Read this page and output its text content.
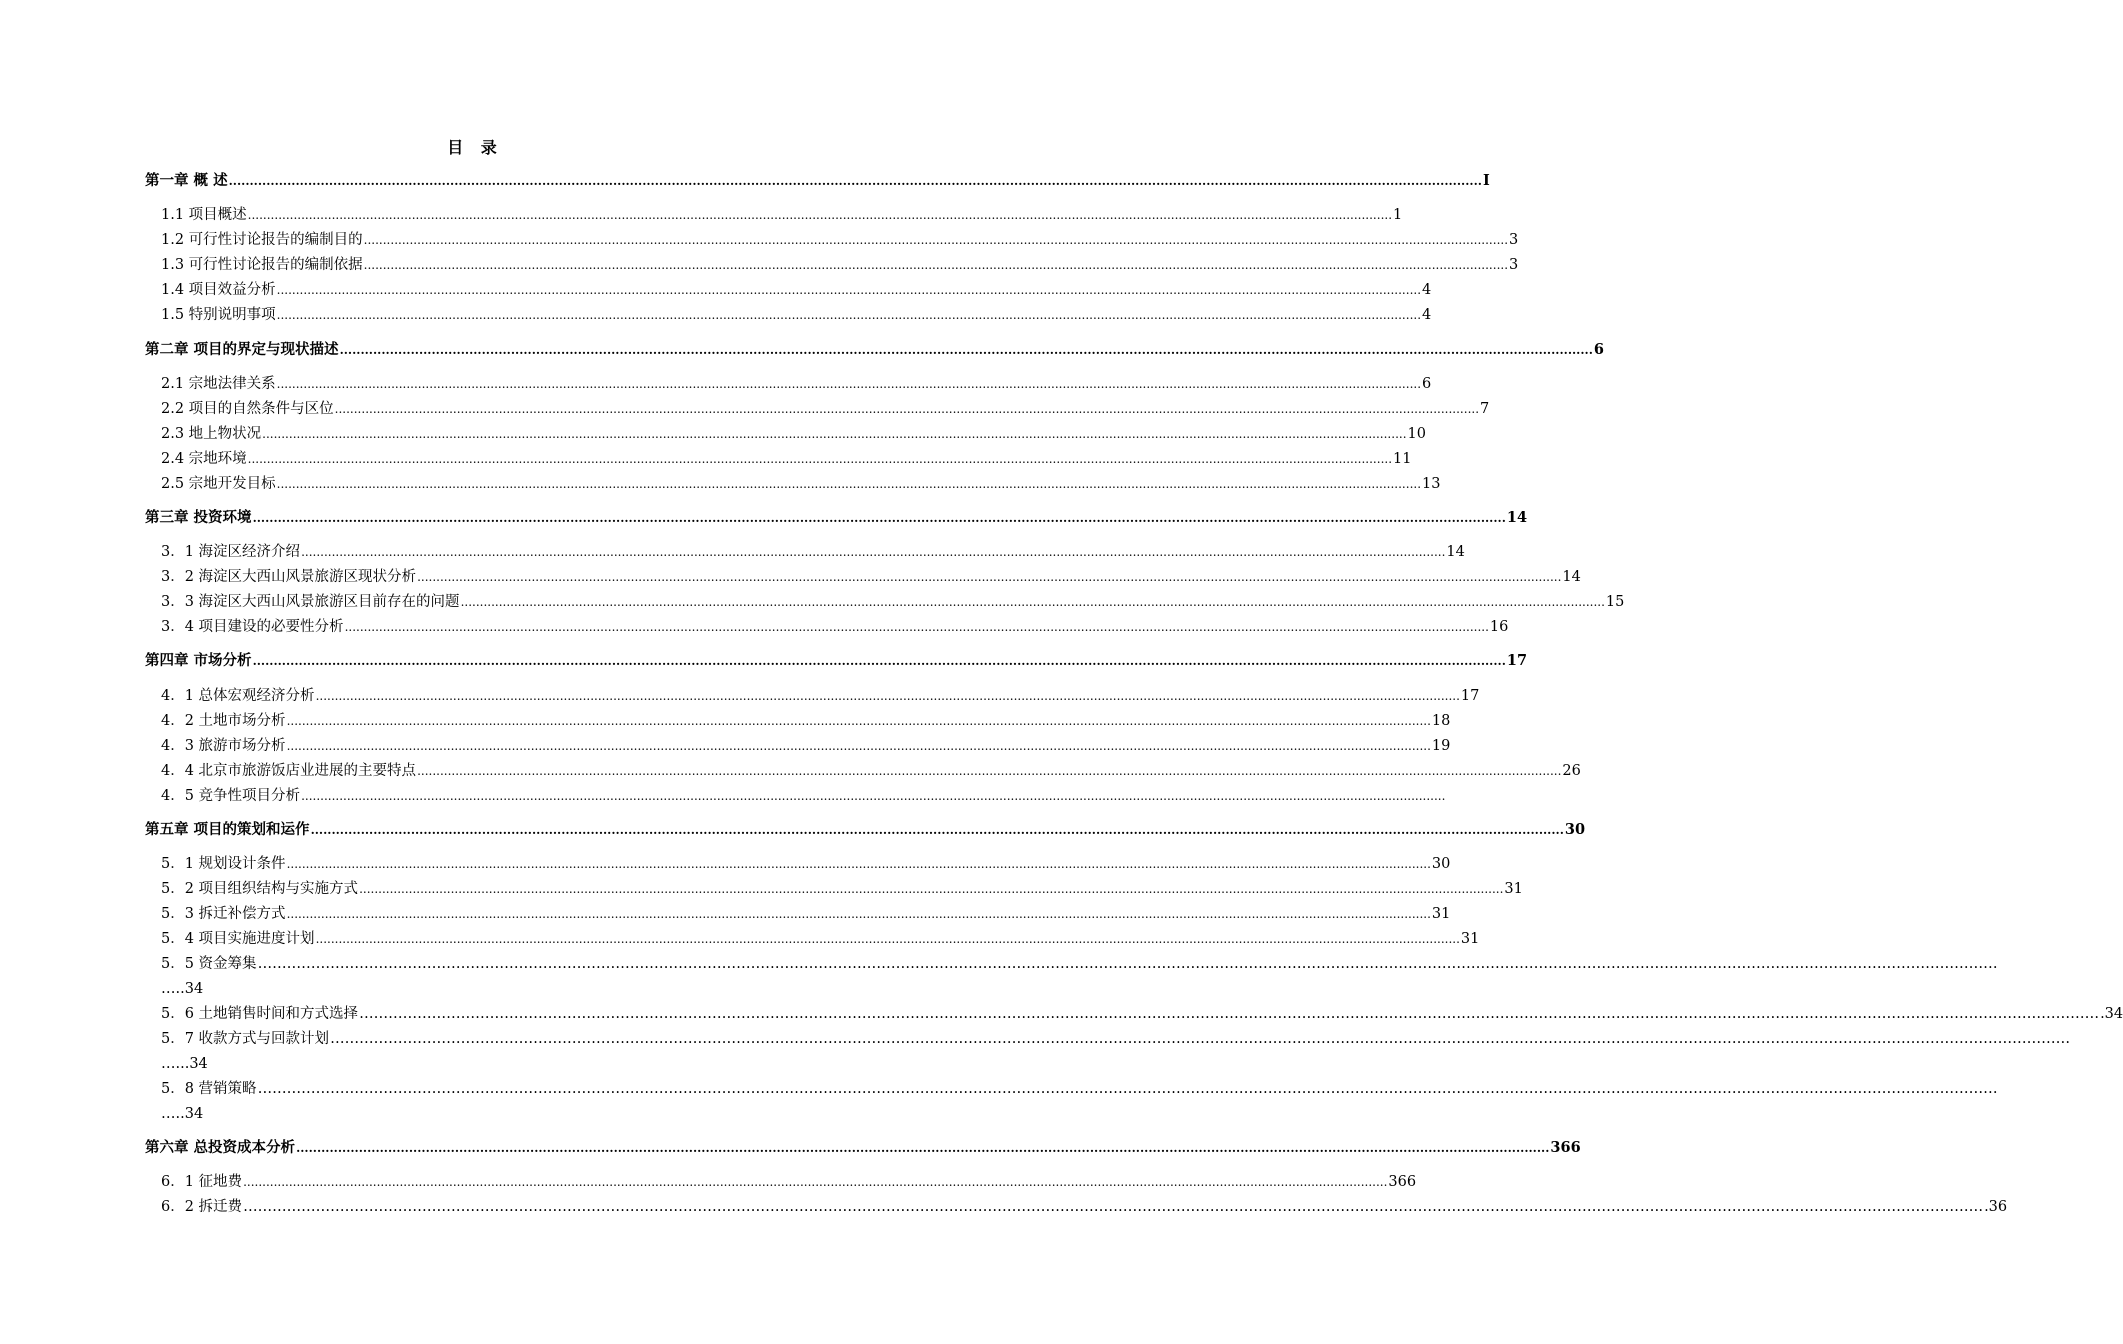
目 录
第一章 概 述 ............................................................................................................................................................................................................................................................................................................ I
1.1 项目概述 ............................................................................................................................................................................................................................................................................................................ 1
1.2 可行性讨论报告的编制目的 ............................................................................................................................................................................................................................................................................................................ 3
1.3 可行性讨论报告的编制依据 ............................................................................................................................................................................................................................................................................................................ 3
1.4 项目效益分析 ............................................................................................................................................................................................................................................................................................................ 4
1.5 特别说明事项 ............................................................................................................................................................................................................................................................................................................ 4
第二章 项目的界定与现状描述 ............................................................................................................................................................................................................................................................................................................ 6
2.1 宗地法律关系 ............................................................................................................................................................................................................................................................................................................ 6
2.2 项目的自然条件与区位 ............................................................................................................................................................................................................................................................................................................ 7
2.3 地上物状况 ............................................................................................................................................................................................................................................................................................................ 10
2.4 宗地环境 ............................................................................................................................................................................................................................................................................................................ 11
2.5 宗地开发目标 ............................................................................................................................................................................................................................................................................................................ 13
第三章 投资环境 ............................................................................................................................................................................................................................................................................................................ 14
3．1 海淀区经济介绍 ............................................................................................................................................................................................................................................................................................................ 14
3．2 海淀区大西山风景旅游区现状分析 ............................................................................................................................................................................................................................................................................................................ 14
3．3 海淀区大西山风景旅游区目前存在的问题 ............................................................................................................................................................................................................................................................................................................ 15
3．4 项目建设的必要性分析 ............................................................................................................................................................................................................................................................................................................ 16
第四章 市场分析 ............................................................................................................................................................................................................................................................................................................ 17
4．1 总体宏观经济分析 ............................................................................................................................................................................................................................................................................................................ 17
4．2 土地市场分析 ............................................................................................................................................................................................................................................................................................................ 18
4．3 旅游市场分析 ............................................................................................................................................................................................................................................................................................................ 19
4．4 北京市旅游饭店业进展的主要特点 ............................................................................................................................................................................................................................................................................................................ 26
4．5 竞争性项目分析 ............................................................................................................................................................................................................................................................................................................
第五章 项目的策划和运作 ............................................................................................................................................................................................................................................................................................................ 30
5．1 规划设计条件 ............................................................................................................................................................................................................................................................................................................ 30
5．2 项目组织结构与实施方式 ............................................................................................................................................................................................................................................................................................................ 31
5．3 拆迁补偿方式 ............................................................................................................................................................................................................................................................................................................ 31
5．4 项目实施进度计划 ............................................................................................................................................................................................................................................................................................................ 31
5．5 资金筹集 ………………………………………………………………………………………………………………………………………………………………………………………………………………………………………………………………………………………………………………………………
…..34
5．6 土地销售时间和方式选择 ……………………………………………………………………………………………………………………………………………………………………………………………………………………………………………………………………………………………………………………………… .34
5．7 收款方式与回款计划 ………………………………………………………………………………………………………………………………………………………………………………………………………………………………………………………………………………………………………………………………
…...34
5．8 营销策略 ………………………………………………………………………………………………………………………………………………………………………………………………………………………………………………………………………………………………………………………………
…..34
第六章 总投资成本分析 ............................................................................................................................................................................................................................................................................................................ 366
6．1 征地费 ............................................................................................................................................................................................................................................................................................................ 366
6．2 拆迁费 ……………………………………………………………………………………………………………………………………………………………………………………………………………………………………………………………………………………………………………………………… .36
